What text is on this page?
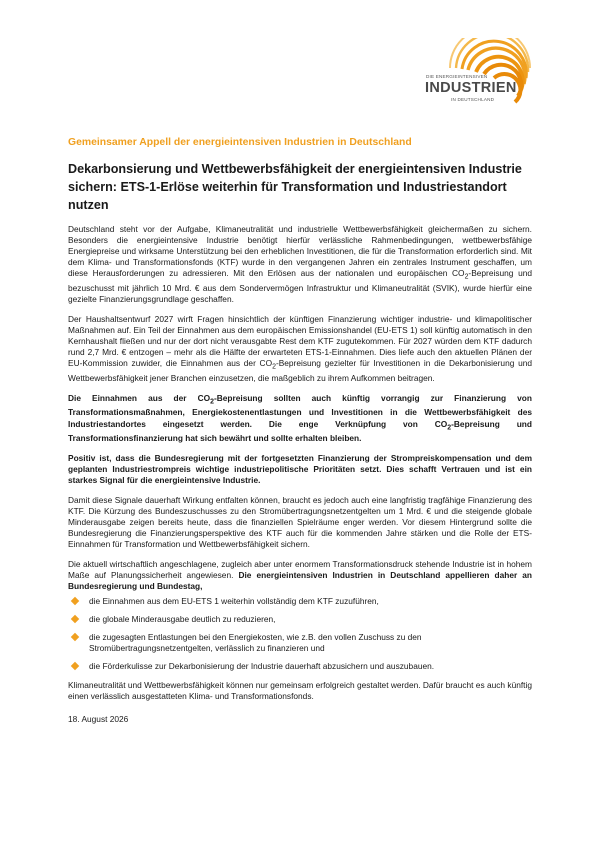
DIE ENERGIEINTENSIVEN
INDUSTRIEN
IN DEUTSCHLAND
Gemeinsamer Appell der energieintensiven Industrien in Deutschland
Dekarbonsierung und Wettbewerbsfähigkeit der energieintensiven Industrie sichern: ETS-1-Erlöse weiterhin für Transformation und Industriestandort nutzen

Deutschland steht vor der Aufgabe, Klimaneutralität und industrielle Wettbewerbsfähigkeit gleichermaßen zu sichern. Besonders die energieintensive Industrie benötigt hierfür verlässliche Rahmenbedingungen, wettbewerbsfähige Energiepreise und wirksame Unterstützung bei den erheblichen Investitionen, die für die Transformation erforderlich sind. Mit dem Klima- und Transformationsfonds (KTF) wurde in den vergangenen Jahren ein zentrales Instrument geschaffen, um diese Herausforderungen zu adressieren. Mit den Erlösen aus der nationalen und europäischen $CO_2$-Bepreisung und bezuschusst mit jährlich 10 Mrd. € aus dem Sondervermögen Infrastruktur und Klimaneutralität (SVIK), wurde hierfür eine gezielte Finanzierungsgrundlage geschaffen.

Der Haushaltsentwurf 2027 wirft Fragen hinsichtlich der künftigen Finanzierung wichtiger industrie- und klimapolitischer Maßnahmen auf. Ein Teil der Einnahmen aus dem europäischen Emissionshandel (EU-ETS 1) soll künftig automatisch in den Kernhaushalt fließen und nur der dort nicht verausgabte Rest dem KTF zugutekommen. Für 2027 würden dem KTF dadurch rund 2,7 Mrd. € entzogen – mehr als die Hälfte der erwarteten ETS-1-Einnahmen. Dies liefe auch den aktuellen Plänen der EU-Kommission zuwider, die Einnahmen aus der $CO_2$-Bepreisung gezielter für Investitionen in die Dekarbonisierung und Wettbewerbsfähigkeit jener Branchen einzusetzen, die maßgeblich zu ihrem Aufkommen beitragen.

Die Einnahmen aus der $CO_2$-Bepreisung sollten auch künftig vorrangig zur Finanzierung von Transformationsmaßnahmen, Energiekostenentlastungen und Investitionen in die Wettbewerbsfähigkeit des Industriestandortes eingesetzt werden. Die enge Verknüpfung von $CO_2$-Bepreisung und Transformationsfinanzierung hat sich bewährt und sollte erhalten bleiben.

Positiv ist, dass die Bundesregierung mit der fortgesetzten Finanzierung der Strompreiskompensation und dem geplanten Industriestrompreis wichtige industriepolitische Prioritäten setzt. Dies schafft Vertrauen und ist ein starkes Signal für die energieintensive Industrie.

Damit diese Signale dauerhaft Wirkung entfalten können, braucht es jedoch auch eine langfristig tragfähige Finanzierung des KTF. Die Kürzung des Bundeszuschusses zu den Stromübertragungsnetzentgelten um 1 Mrd. € und die steigende globale Minderausgabe zeigen bereits heute, dass die finanziellen Spielräume enger werden. Vor diesem Hintergrund sollte die Bundesregierung die Finanzierungsperspektive des KTF auch für die kommenden Jahre stärken und die Rolle der ETS-Einnahmen für Transformation und Wettbewerbsfähigkeit sichern.

Die aktuell wirtschaftlich angeschlagene, zugleich aber unter enormem Transformationsdruck stehende Industrie ist in hohem Maße auf Planungssicherheit angewiesen. Die energieintensiven Industrien in Deutschland appellieren daher an Bundesregierung und Bundestag,

die Einnahmen aus dem EU-ETS 1 weiterhin vollständig dem KTF zuzuführen,
die globale Minderausgabe deutlich zu reduzieren,
die zugesagten Entlastungen bei den Energiekosten, wie z.B. den vollen Zuschuss zu den Stromübertragungsnetzentgelten, verlässlich zu finanzieren und
die Förderkulisse zur Dekarbonisierung der Industrie dauerhaft abzusichern und auszubauen.

Klimaneutralität und Wettbewerbsfähigkeit können nur gemeinsam erfolgreich gestaltet werden. Dafür braucht es auch künftig einen verlässlich ausgestatteten Klima- und Transformationsfonds.

18. August 2026
